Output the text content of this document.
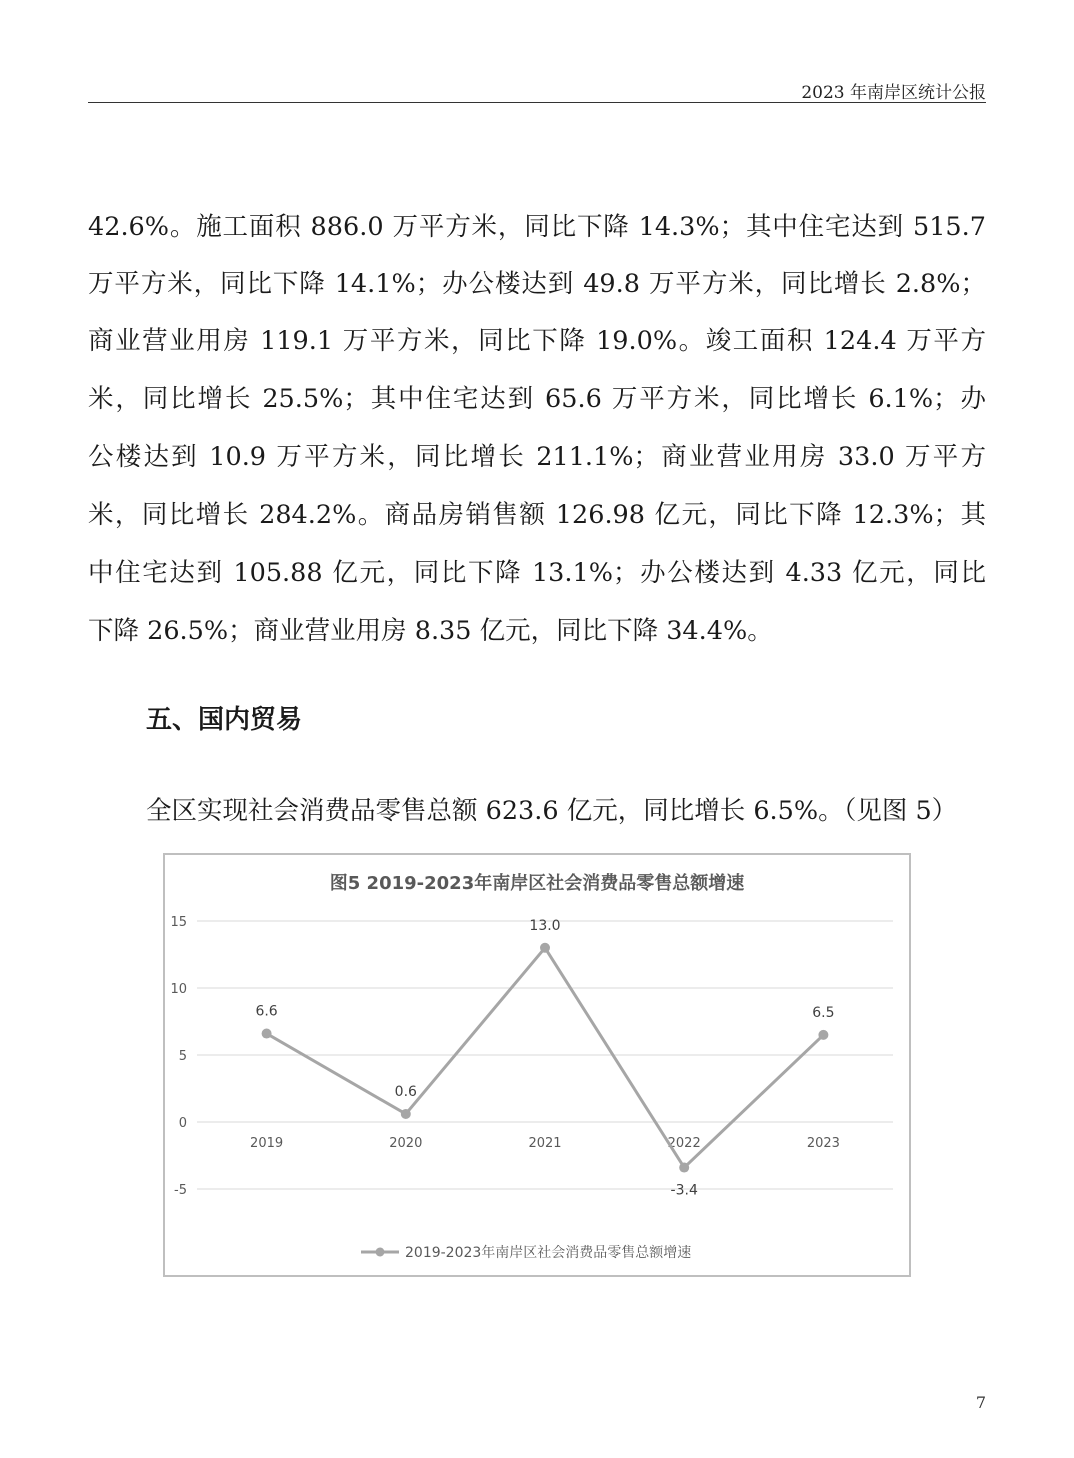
2023 年南岸区统计公报
42.6%。施工面积 886.0 万平方米，同比下降 14.3%；其中住宅达到 515.7
万平方米，同比下降 14.1%；办公楼达到 49.8 万平方米，同比增长 2.8%；
商业营业用房 119.1 万平方米，同比下降 19.0%。竣工面积 124.4 万平方
米，同比增长 25.5%；其中住宅达到 65.6 万平方米，同比增长 6.1%；办
公楼达到 10.9 万平方米，同比增长 211.1%；商业营业用房 33.0 万平方
米，同比增长 284.2%。商品房销售额 126.98 亿元，同比下降 12.3%；其
中住宅达到 105.88 亿元，同比下降 13.1%；办公楼达到 4.33 亿元，同比
下降 26.5%；商业营业用房 8.35 亿元，同比下降 34.4%。
五、国内贸易
全区实现社会消费品零售总额 623.6 亿元，同比增长 6.5%。（见图 5）
图5 2019-2023年南岸区社会消费品零售总额增速
15
10
5
0
-5
2019	2020	2021	2022	2023
6.6
0.6
13.0
-3.4
6.5
2019-2023年南岸区社会消费品零售总额增速
7
